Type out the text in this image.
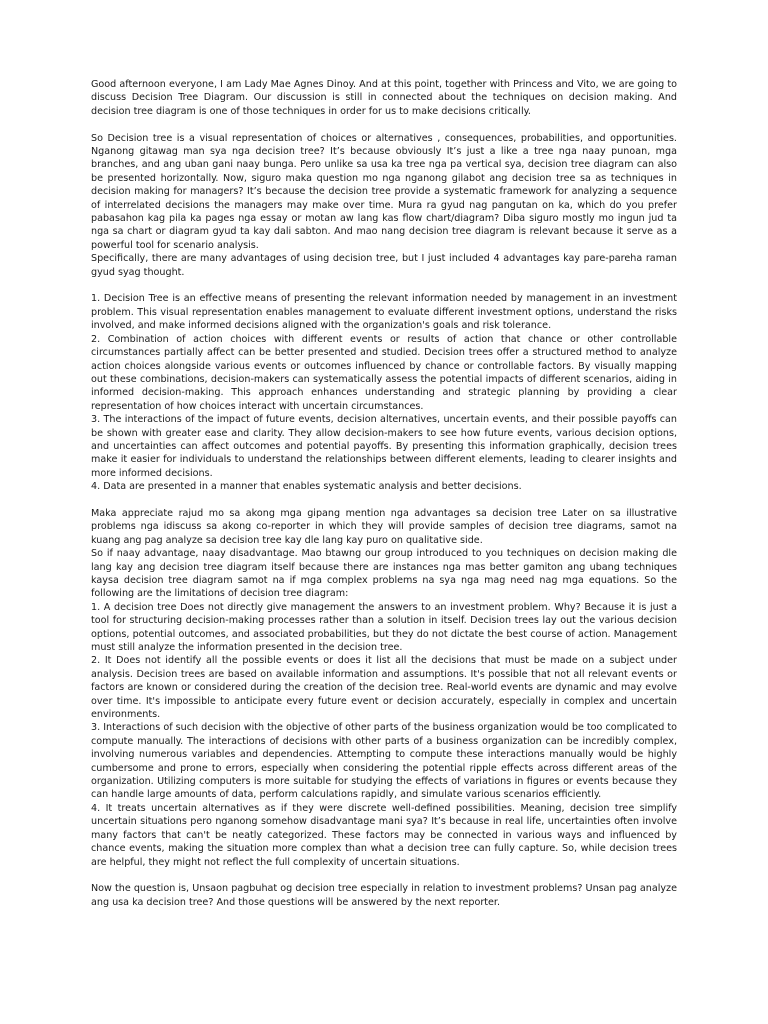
Good afternoon everyone, I am Lady Mae Agnes Dinoy. And at this point, together with Princess and Vito, we are going to discuss Decision Tree Diagram. Our discussion is still in connected about the techniques on decision making. And decision tree diagram is one of those techniques in order for us to make decisions critically.

So Decision tree is a visual representation of choices or alternatives , consequences, probabilities, and opportunities. Nganong gitawag man sya nga decision tree? It’s because obviously It’s just a like a tree nga naay punoan, mga branches, and ang uban gani naay bunga. Pero unlike sa usa ka tree nga pa vertical sya, decision tree diagram can also be presented horizontally. Now, siguro maka question mo nga nganong gilabot ang decision tree sa as techniques in decision making for managers? It’s because the decision tree provide a systematic framework for analyzing a sequence of interrelated decisions the managers may make over time. Mura ra gyud nag pangutan on ka, which do you prefer pabasahon kag pila ka pages nga essay or motan aw lang kas flow chart/diagram? Diba siguro mostly mo ingun jud ta nga sa chart or diagram gyud ta kay dali sabton. And mao nang decision tree diagram is relevant because it serve as a powerful tool for scenario analysis.

Specifically, there are many advantages of using decision tree, but I just included 4 advantages kay pare-pareha raman gyud syag thought.

1. Decision Tree is an effective means of presenting the relevant information needed by management in an investment problem. This visual representation enables management to evaluate different investment options, understand the risks involved, and make informed decisions aligned with the organization's goals and risk tolerance.

2. Combination of action choices with different events or results of action that chance or other controllable circumstances partially affect can be better presented and studied. Decision trees offer a structured method to analyze action choices alongside various events or outcomes influenced by chance or controllable factors. By visually mapping out these combinations, decision-makers can systematically assess the potential impacts of different scenarios, aiding in informed decision-making. This approach enhances understanding and strategic planning by providing a clear representation of how choices interact with uncertain circumstances.

3. The interactions of the impact of future events, decision alternatives, uncertain events, and their possible payoffs can be shown with greater ease and clarity. They allow decision-makers to see how future events, various decision options, and uncertainties can affect outcomes and potential payoffs. By presenting this information graphically, decision trees make it easier for individuals to understand the relationships between different elements, leading to clearer insights and more informed decisions.

4. Data are presented in a manner that enables systematic analysis and better decisions.

Maka appreciate rajud mo sa akong mga gipang mention nga advantages sa decision tree Later on sa illustrative problems nga idiscuss sa akong co-reporter in which they will provide samples of decision tree diagrams, samot na kuang ang pag analyze sa decision tree kay dle lang kay puro on qualitative side.

So if naay advantage, naay disadvantage. Mao btawng our group introduced to you techniques on decision making dle lang kay ang decision tree diagram itself because there are instances nga mas better gamiton ang ubang techniques kaysa decision tree diagram samot na if mga complex problems na sya nga mag need nag mga equations. So the following are the limitations of decision tree diagram:

1. A decision tree Does not directly give management the answers to an investment problem. Why? Because it is just a tool for structuring decision-making processes rather than a solution in itself. Decision trees lay out the various decision options, potential outcomes, and associated probabilities, but they do not dictate the best course of action. Management must still analyze the information presented in the decision tree.

2. It Does not identify all the possible events or does it list all the decisions that must be made on a subject under analysis. Decision trees are based on available information and assumptions. It's possible that not all relevant events or factors are known or considered during the creation of the decision tree. Real-world events are dynamic and may evolve over time. It's impossible to anticipate every future event or decision accurately, especially in complex and uncertain environments.

3. Interactions of such decision with the objective of other parts of the business organization would be too complicated to compute manually. The interactions of decisions with other parts of a business organization can be incredibly complex, involving numerous variables and dependencies. Attempting to compute these interactions manually would be highly cumbersome and prone to errors, especially when considering the potential ripple effects across different areas of the organization. Utilizing computers is more suitable for studying the effects of variations in figures or events because they can handle large amounts of data, perform calculations rapidly, and simulate various scenarios efficiently.

4. It treats uncertain alternatives as if they were discrete well-defined possibilities. Meaning, decision tree simplify uncertain situations pero nganong somehow disadvantage mani sya? It’s because in real life, uncertainties often involve many factors that can't be neatly categorized. These factors may be connected in various ways and influenced by chance events, making the situation more complex than what a decision tree can fully capture. So, while decision trees are helpful, they might not reflect the full complexity of uncertain situations.

Now the question is, Unsaon pagbuhat og decision tree especially in relation to investment problems? Unsan pag analyze ang usa ka decision tree? And those questions will be answered by the next reporter.
